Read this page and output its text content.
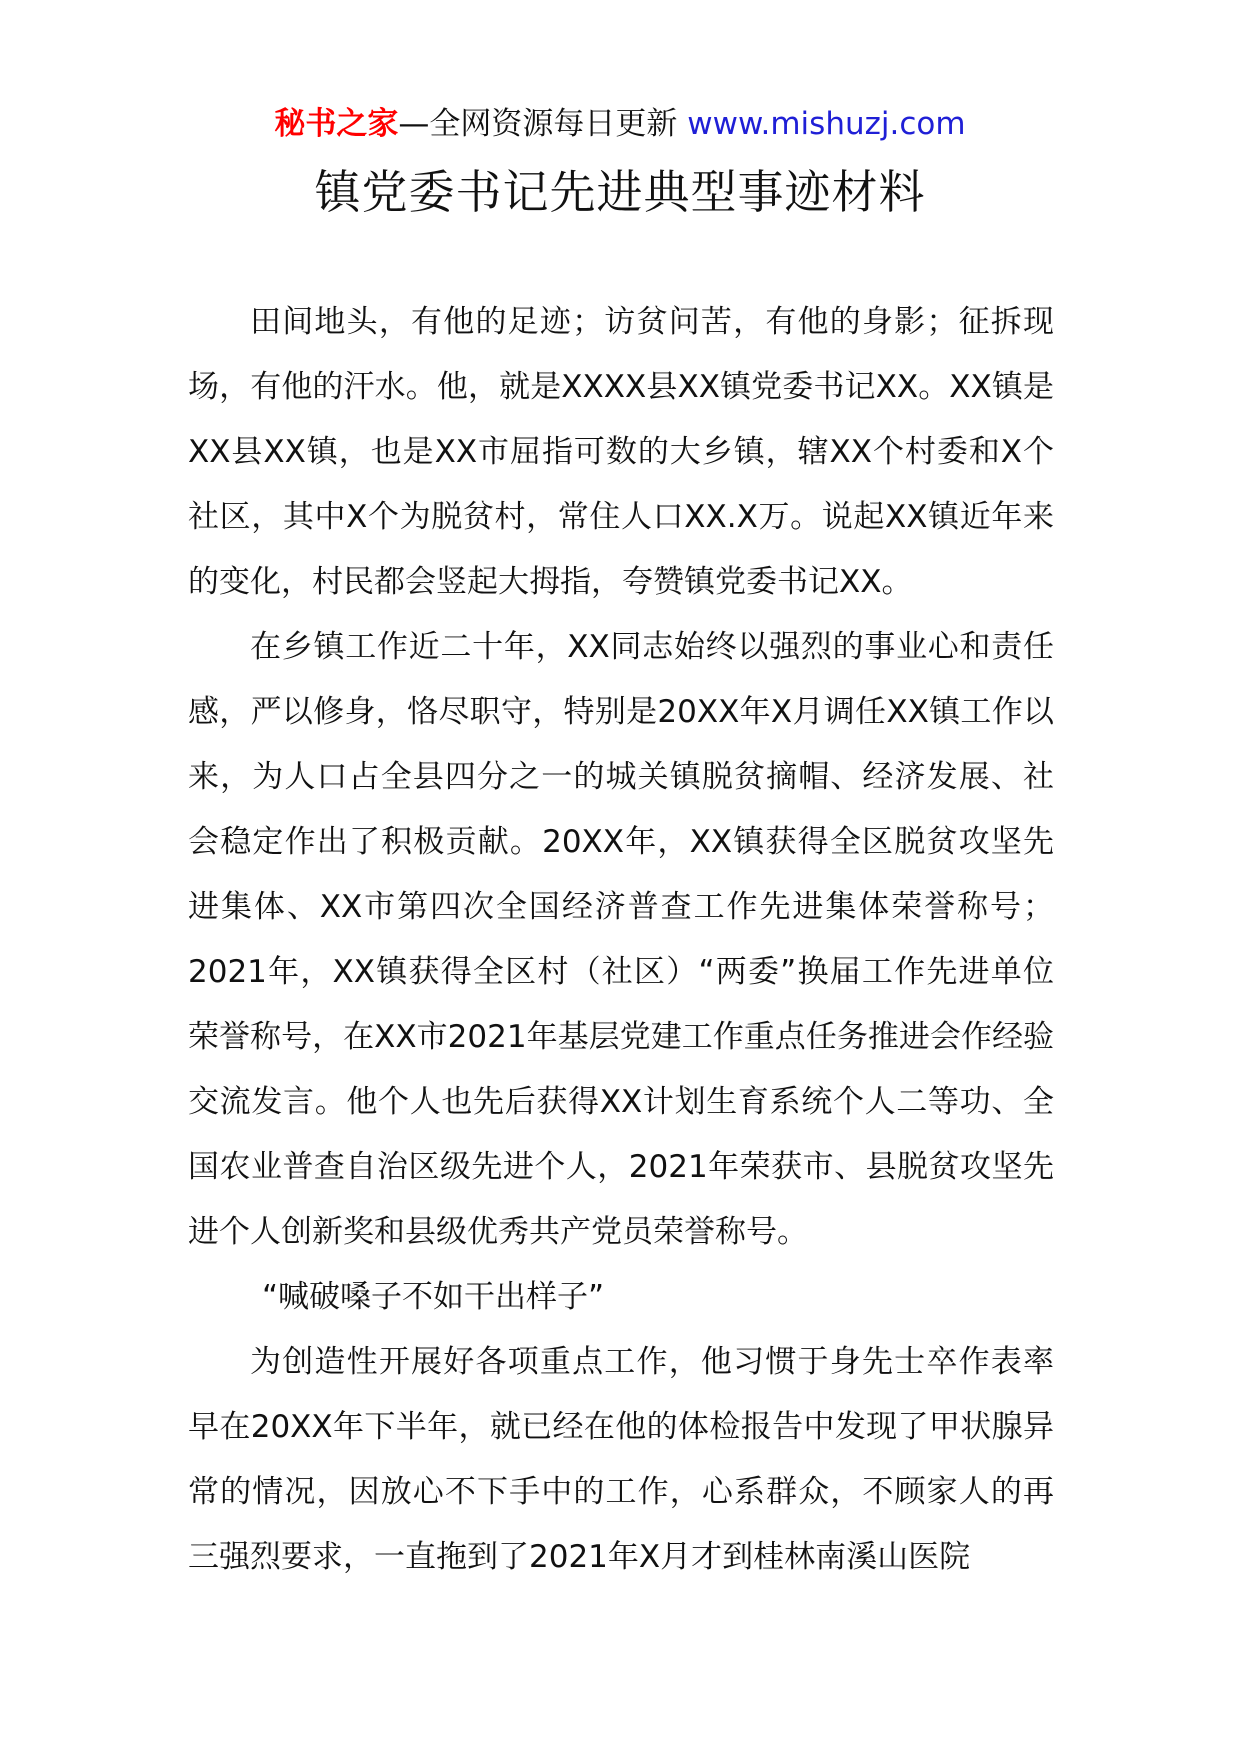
秘书之家—全网资源每日更新 www.mishuzj.com
镇党委书记先进典型事迹材料

田间地头，有他的足迹；访贫问苦，有他的身影；征拆现场，有他的汗水。他，就是XXXX县XX镇党委书记XX。XX镇是XX县XX镇，也是XX市屈指可数的大乡镇，辖XX个村委和X个社区，其中X个为脱贫村，常住人口XX.X万。说起XX镇近年来的变化，村民都会竖起大拇指，夸赞镇党委书记XX。

在乡镇工作近二十年，XX同志始终以强烈的事业心和责任感，严以修身，恪尽职守，特别是20XX年X月调任XX镇工作以来，为人口占全县四分之一的城关镇脱贫摘帽、经济发展、社会稳定作出了积极贡献。20XX年，XX镇获得全区脱贫攻坚先进集体、XX市第四次全国经济普查工作先进集体荣誉称号；2021年，XX镇获得全区村（社区）“两委”换届工作先进单位荣誉称号，在XX市2021年基层党建工作重点任务推进会作经验交流发言。他个人也先后获得XX计划生育系统个人二等功、全国农业普查自治区级先进个人，2021年荣获市、县脱贫攻坚先进个人创新奖和县级优秀共产党员荣誉称号。

“喊破嗓子不如干出样子”

为创造性开展好各项重点工作，他习惯于身先士卒作表率早在20XX年下半年，就已经在他的体检报告中发现了甲状腺异常的情况，因放心不下手中的工作，心系群众，不顾家人的再三强烈要求，一直拖到了2021年X月才到桂林南溪山医院
